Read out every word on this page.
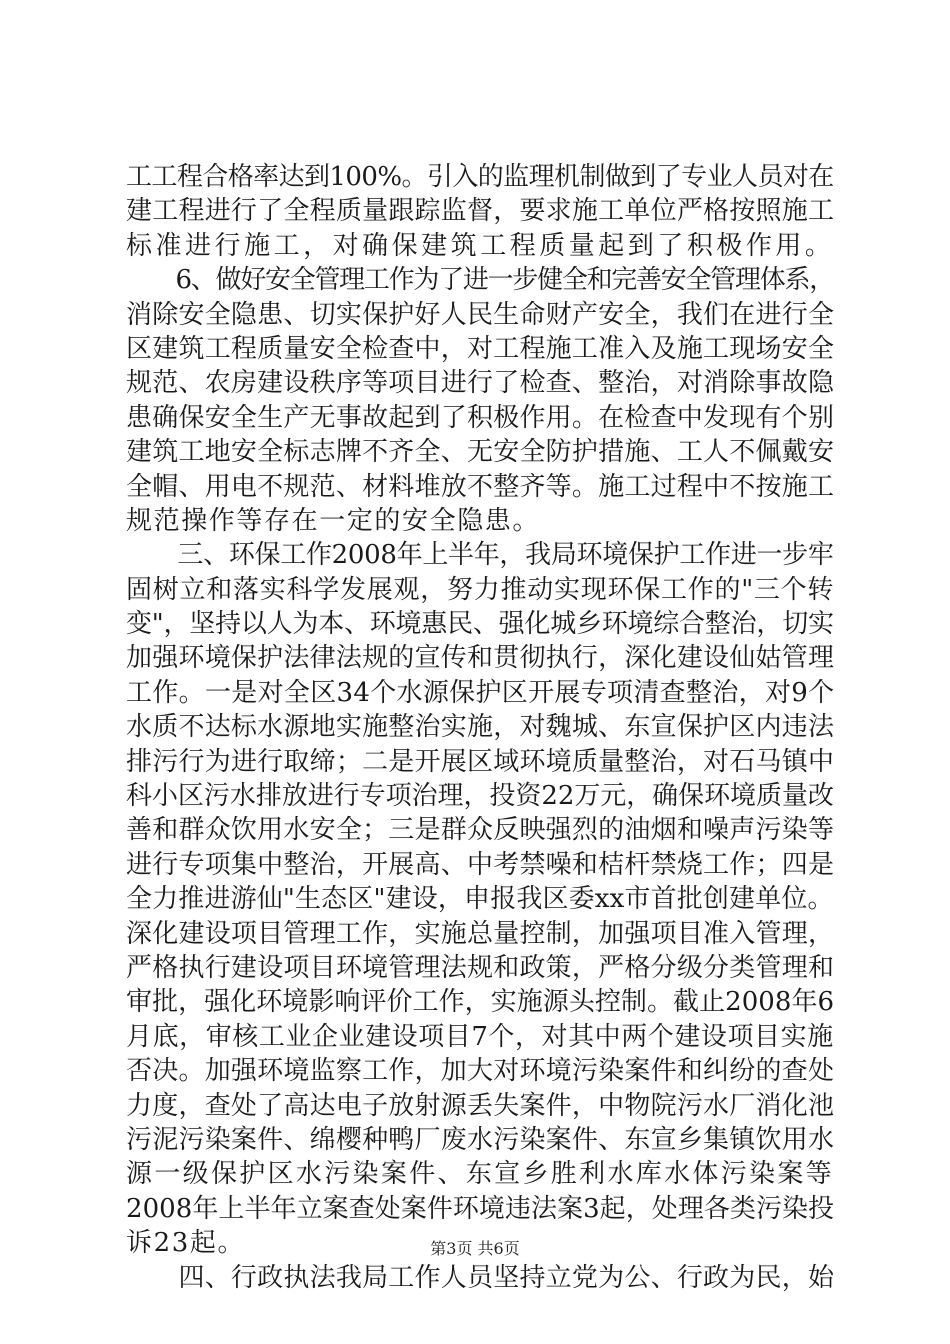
工工程合格率达到100%。引入的监理机制做到了专业人员对在
建工程进行了全程质量跟踪监督，要求施工单位严格按照施工
标准进行施工，对确保建筑工程质量起到了积极作用。
　　6、做好安全管理工作为了进一步健全和完善安全管理体系，
消除安全隐患、切实保护好人民生命财产安全，我们在进行全
区建筑工程质量安全检查中，对工程施工准入及施工现场安全
规范、农房建设秩序等项目进行了检查、整治，对消除事故隐
患确保安全生产无事故起到了积极作用。在检查中发现有个别
建筑工地安全标志牌不齐全、无安全防护措施、工人不佩戴安
全帽、用电不规范、材料堆放不整齐等。施工过程中不按施工
规范操作等存在一定的安全隐患。
　　三、环保工作2008年上半年，我局环境保护工作进一步牢
固树立和落实科学发展观，努力推动实现环保工作的"三个转
变"，坚持以人为本、环境惠民、强化城乡环境综合整治，切实
加强环境保护法律法规的宣传和贯彻执行，深化建设仙姑管理
工作。一是对全区34个水源保护区开展专项清查整治，对9个
水质不达标水源地实施整治实施，对魏城、东宣保护区内违法
排污行为进行取缔；二是开展区域环境质量整治，对石马镇中
科小区污水排放进行专项治理，投资22万元，确保环境质量改
善和群众饮用水安全；三是群众反映强烈的油烟和噪声污染等
进行专项集中整治，开展高、中考禁噪和桔杆禁烧工作；四是
全力推进游仙"生态区"建设，申报我区委xx市首批创建单位。
深化建设项目管理工作，实施总量控制，加强项目准入管理，
严格执行建设项目环境管理法规和政策，严格分级分类管理和
审批，强化环境影响评价工作，实施源头控制。截止2008年6
月底，审核工业企业建设项目7个，对其中两个建设项目实施
否决。加强环境监察工作，加大对环境污染案件和纠纷的查处
力度，查处了高达电子放射源丢失案件，中物院污水厂消化池
污泥污染案件、绵樱种鸭厂废水污染案件、东宣乡集镇饮用水
源一级保护区水污染案件、东宣乡胜利水库水体污染案等
2008年上半年立案查处案件环境违法案3起，处理各类污染投
诉23起。
　　四、行政执法我局工作人员坚持立党为公、行政为民，始
第3页 共6页
